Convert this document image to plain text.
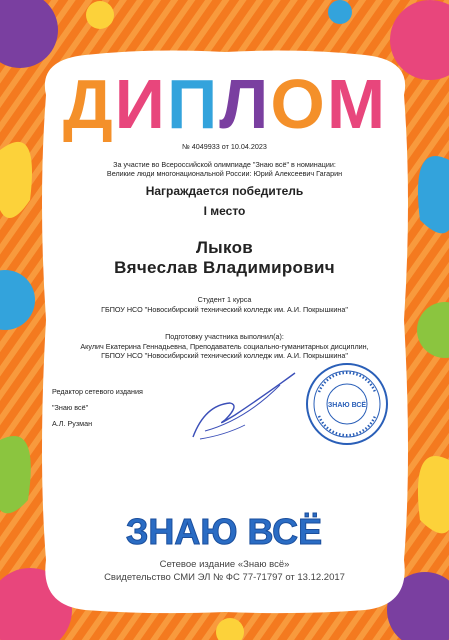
ДИПЛОМ
ДИПЛОМ
№ 4049933 от 10.04.2023
За участие во Всероссийской олимпиаде "Знаю всё" в номинации:
Великие люди многонациональной России: Юрий Алексеевич Гагарин
Награждается победитель
I место
Лыков
Вячеслав Владимирович
Студент 1 курса
ГБПОУ НСО "Новосибирский технический колледж им. А.И. Покрышкина"
Подготовку участника выполнил(а):
Акулич Екатерина Геннадьевна, Преподаватель социально-гуманитарных дисциплин,
ГБПОУ НСО "Новосибирский технический колледж им. А.И. Покрышкина"
Редактор сетевого издания
"Знаю всё"
А.Л. Рузман
ЗНАЮ ВСЁ
ЗНАЮ ВСЁ
Сетевое издание «Знаю всё»
Свидетельство СМИ ЭЛ № ФС 77-71797 от 13.12.2017
